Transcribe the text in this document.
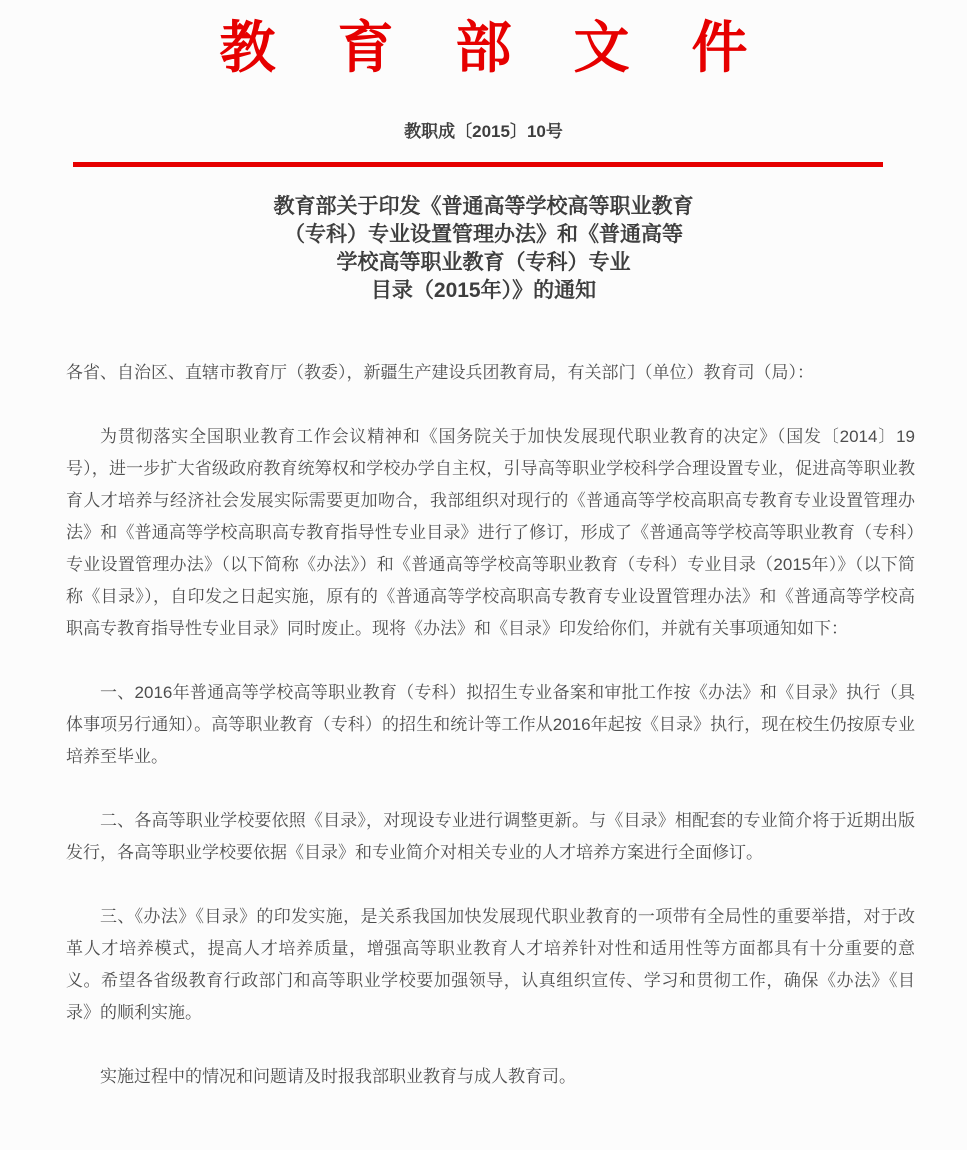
教育部文件
教职成〔2015〕10号
教育部关于印发《普通高等学校高等职业教育
（专科）专业设置管理办法》和《普通高等
学校高等职业教育（专科）专业
目录（2015年）》的通知

各省、自治区、直辖市教育厅（教委），新疆生产建设兵团教育局，有关部门（单位）教育司（局）：

为贯彻落实全国职业教育工作会议精神和《国务院关于加快发展现代职业教育的决定》（国发〔2014〕19号），进一步扩大省级政府教育统筹权和学校办学自主权，引导高等职业学校科学合理设置专业，促进高等职业教育人才培养与经济社会发展实际需要更加吻合，我部组织对现行的《普通高等学校高职高专教育专业设置管理办法》和《普通高等学校高职高专教育指导性专业目录》进行了修订，形成了《普通高等学校高等职业教育（专科）专业设置管理办法》（以下简称《办法》）和《普通高等学校高等职业教育（专科）专业目录（2015年）》（以下简称《目录》），自印发之日起实施，原有的《普通高等学校高职高专教育专业设置管理办法》和《普通高等学校高职高专教育指导性专业目录》同时废止。现将《办法》和《目录》印发给你们，并就有关事项通知如下：

一、2016年普通高等学校高等职业教育（专科）拟招生专业备案和审批工作按《办法》和《目录》执行（具体事项另行通知）。高等职业教育（专科）的招生和统计等工作从2016年起按《目录》执行，现在校生仍按原专业培养至毕业。

二、各高等职业学校要依照《目录》，对现设专业进行调整更新。与《目录》相配套的专业简介将于近期出版发行，各高等职业学校要依据《目录》和专业简介对相关专业的人才培养方案进行全面修订。

三、《办法》《目录》的印发实施，是关系我国加快发展现代职业教育的一项带有全局性的重要举措，对于改革人才培养模式，提高人才培养质量，增强高等职业教育人才培养针对性和适用性等方面都具有十分重要的意义。希望各省级教育行政部门和高等职业学校要加强领导，认真组织宣传、学习和贯彻工作，确保《办法》《目录》的顺利实施。

实施过程中的情况和问题请及时报我部职业教育与成人教育司。
